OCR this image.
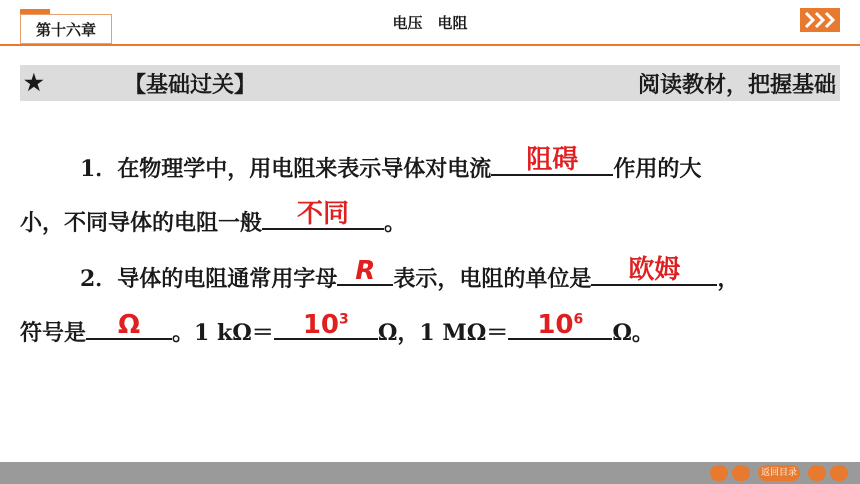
第十六章	电压　电阻
★	【基础过关】	阅读教材，把握基础
1．在物理学中，用电阻来表示导体对电流	阻碍	作用的大
小，不同导体的电阻一般	不同	。
2．导体的电阻通常用字母 R 表示，电阻的单位是	欧姆	，
符号是	Ω	。1 kΩ＝	$10^3$
Ω，1 MΩ＝	$10^6$
Ω。
返回目录
